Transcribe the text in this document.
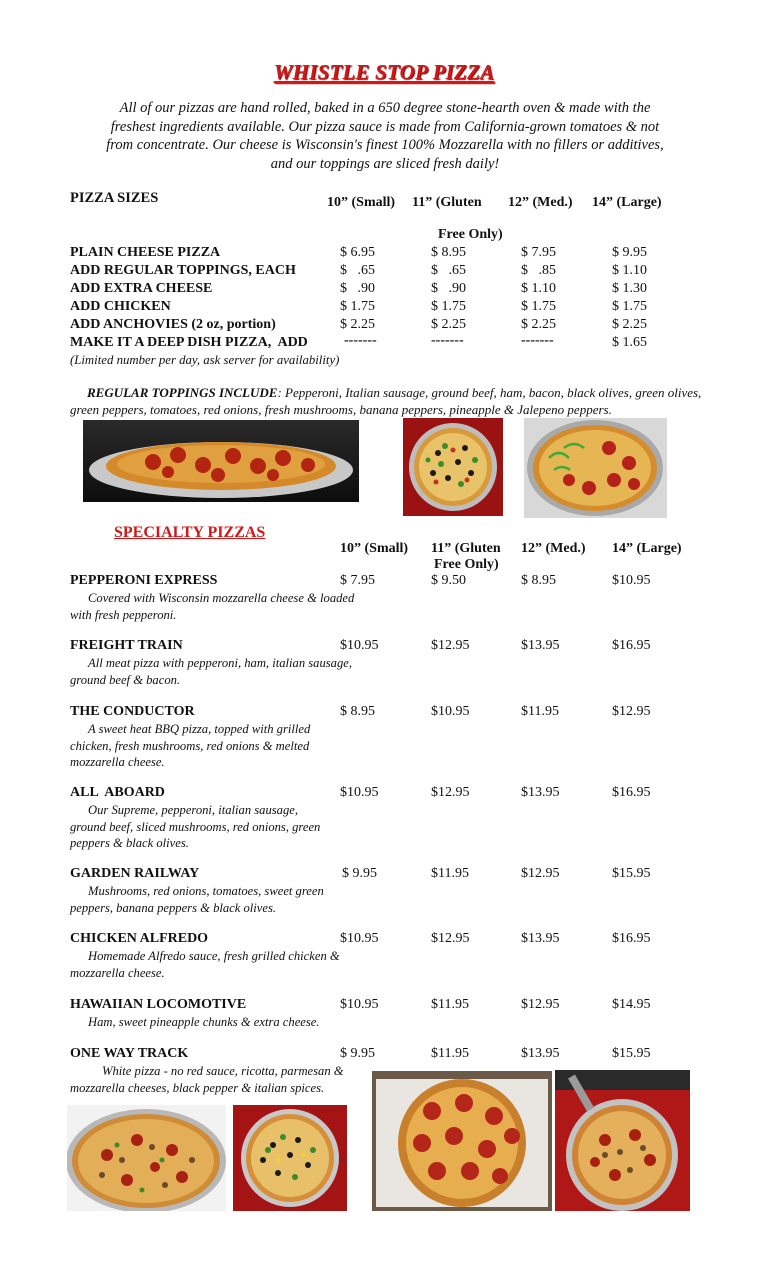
WHISTLE STOP PIZZA
All of our pizzas are hand rolled, baked in a 650 degree stone-hearth oven & made with the freshest ingredients available. Our pizza sauce is made from California-grown tomatoes & not from concentrate. Our cheese is Wisconsin's finest 100% Mozzarella with no fillers or additives, and our toppings are sliced fresh daily!
PIZZA SIZES	10” (Small) 11” (Gluten 12” (Med.) 14” (Large)
Free Only)
PLAIN CHEESE PIZZA	$ 6.95	$ 8.95	$ 7.95	$ 9.95
ADD REGULAR TOPPINGS, EACH	$   .65	$   .65	$   .85	$ 1.10
ADD EXTRA CHEESE	$   .90	$   .90	$ 1.10	$ 1.30
ADD CHICKEN	$ 1.75	$ 1.75	$ 1.75	$ 1.75
ADD ANCHOVIES (2 oz, portion)	$ 2.25	$ 2.25	$ 2.25	$ 2.25
MAKE IT A DEEP DISH PIZZA,  ADD	-------	-------	-------	$ 1.65
(Limited number per day, ask server for availability)
REGULAR TOPPINGS INCLUDE: Pepperoni, Italian sausage, ground beef, ham, bacon, black olives, green olives, green peppers, tomatoes, red onions, fresh mushrooms, banana peppers, pineapple & Jalepeno peppers.
SPECIALTY PIZZAS
10” (Small) 11” (Gluten 12” (Med.) 14” (Large)
Free Only)
PEPPERONI EXPRESS
Covered with Wisconsin mozzarella cheese & loaded with fresh pepperoni.
$ 7.95	$ 9.50	$ 8.95	$10.95
FREIGHT TRAIN
All meat pizza with pepperoni, ham, italian sausage, ground beef & bacon.
$10.95	$12.95	$13.95	$16.95
THE CONDUCTOR
A sweet heat BBQ pizza, topped with grilled chicken, fresh mushrooms, red onions & melted mozzarella cheese.
$ 8.95	$10.95	$11.95	$12.95
ALL  ABOARD
Our Supreme, pepperoni, italian sausage, ground beef, sliced mushrooms, red onions, green peppers & black olives.
$10.95	$12.95	$13.95	$16.95
GARDEN RAILWAY
Mushrooms, red onions, tomatoes, sweet green peppers, banana peppers & black olives.
$ 9.95	$11.95	$12.95	$15.95
CHICKEN ALFREDO
Homemade Alfredo sauce, fresh grilled chicken & mozzarella cheese.
$10.95	$12.95	$13.95	$16.95
HAWAIIAN LOCOMOTIVE
Ham, sweet pineapple chunks & extra cheese.
$10.95	$11.95	$12.95	$14.95
ONE WAY TRACK
White pizza - no red sauce, ricotta, parmesan & mozzarella cheeses, black pepper & italian spices.
$ 9.95	$11.95	$13.95	$15.95
